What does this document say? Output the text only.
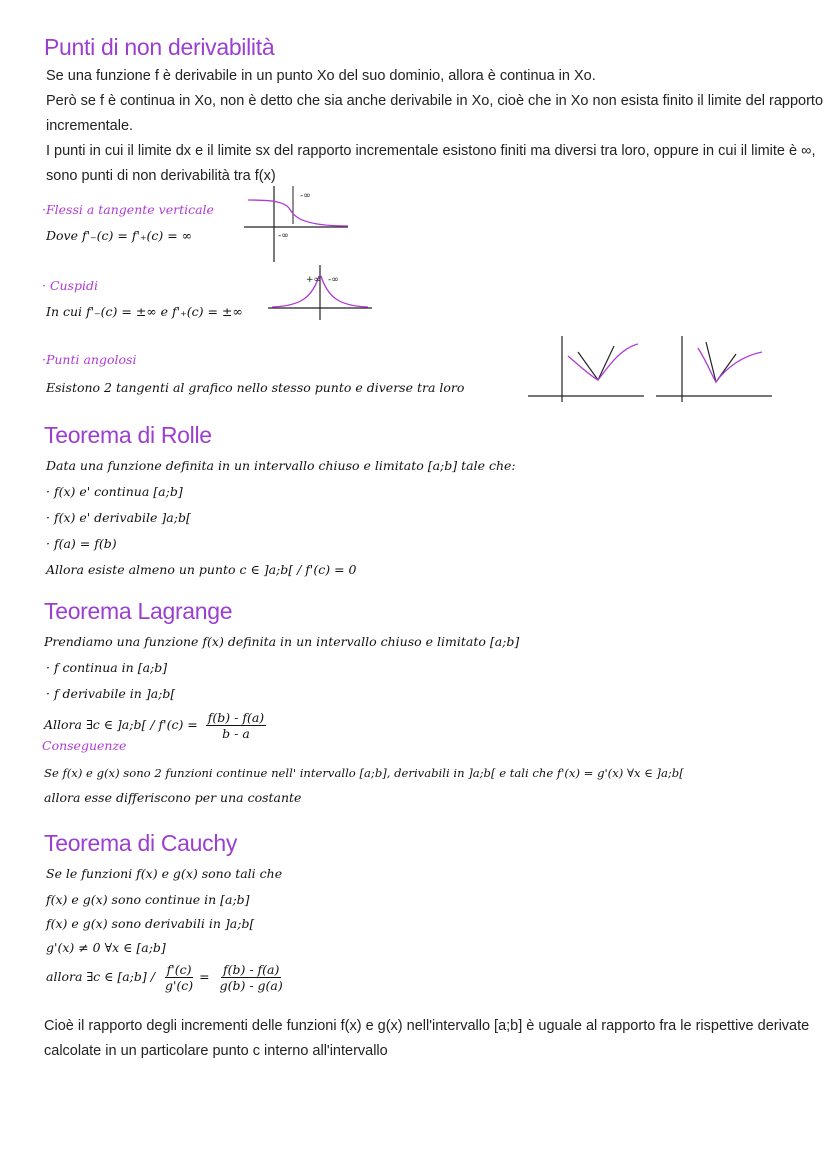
Punti di non derivabilità
Se una funzione f è derivabile in un punto Xo del suo dominio, allora è continua in Xo.
Però se f è continua in Xo, non è detto che sia anche derivabile in Xo, cioè che in Xo non esista finito il limite del rapporto
incrementale.
I punti in cui il limite dx e il limite sx del rapporto incrementale esistono finiti ma diversi tra loro, oppure in cui il limite è ∞,
sono punti di non derivabilità tra f(x)
·Flessi a tangente verticale
Dove f'₋(c) = f'₊(c) = ∞
-∞
-∞
· Cuspidi
In cui f'₋(c) = ±∞ e f'₊(c) = ±∞
+∞ -∞
·Punti angolosi
Esistono 2 tangenti al grafico nello stesso punto e diverse tra loro
Teorema di Rolle
Data una funzione definita in un intervallo chiuso e limitato [a;b] tale che:
· f(x) e' continua [a;b]
· f(x) e' derivabile ]a;b[
· f(a) = f(b)
Allora esiste almeno un punto c ∈ ]a;b[ / f'(c) = 0
Teorema Lagrange
Prendiamo una funzione f(x) definita in un intervallo chiuso e limitato [a;b]
· f continua in [a;b]
· f derivabile in ]a;b[
Allora ∃c ∈ ]a;b[ / $f'(c) = \frac{f(b) - f(a)}{b - a}$
Conseguenze
Se f(x) e g(x) sono 2 funzioni continue nell' intervallo [a;b], derivabili in ]a;b[ e tali che f'(x) = g'(x) ∀x ∈ ]a;b[
allora esse differiscono per una costante
Teorema di Cauchy
Se le funzioni f(x) e g(x) sono tali che
f(x) e g(x) sono continue in [a;b]
f(x) e g(x) sono derivabili in ]a;b[
g'(x) ≠ 0 ∀x ∈ [a;b]
allora ∃c ∈ [a;b] / $\frac{f'(c)}{g'(c)} = \frac{f(b) - f(a)}{g(b) - g(a)}$
Cioè il rapporto degli incrementi delle funzioni f(x) e g(x) nell'intervallo [a;b] è uguale al rapporto fra le rispettive derivate
calcolate in un particolare punto c interno all'intervallo
